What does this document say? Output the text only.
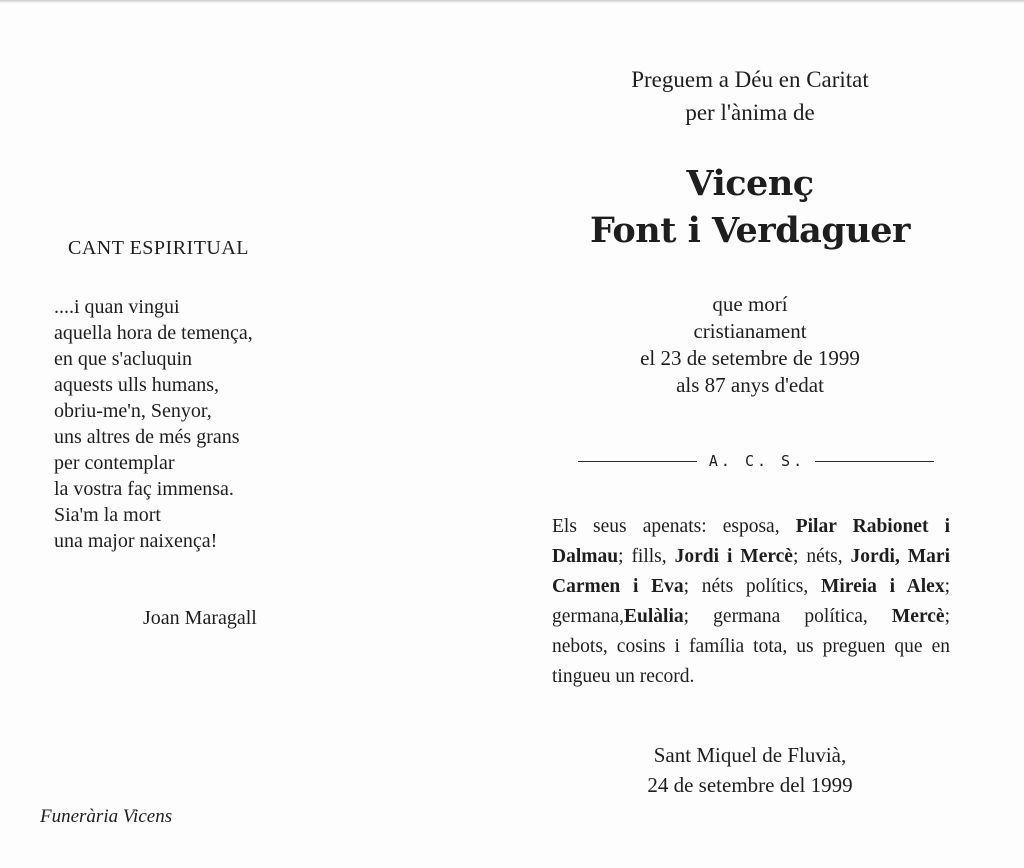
CANT ESPIRITUAL
....i quan vingui
aquella hora de temença,
en que s'acluquin
aquests ulls humans,
obriu-me'n, Senyor,
uns altres de més grans
per contemplar
la vostra faç immensa.
Sia'm la mort
una major naixença!
Joan Maragall
Funerària Vicens
Preguem a Déu en Caritat
per l'ànima de
Vicenç
Font i Verdaguer
que morí
cristianament
el 23 de setembre de 1999
als 87 anys d'edat
A. C. S.
Els seus apenats: esposa, Pilar Rabionet i Dalmau; fills, Jordi i Mercè; néts, Jordi, Mari Carmen i Eva; néts polítics, Mireia i Alex; germana,Eulàlia; germana política, Mercè; nebots, cosins i família tota, us preguen que en tingueu un record.
Sant Miquel de Fluvià,
24 de setembre del 1999
